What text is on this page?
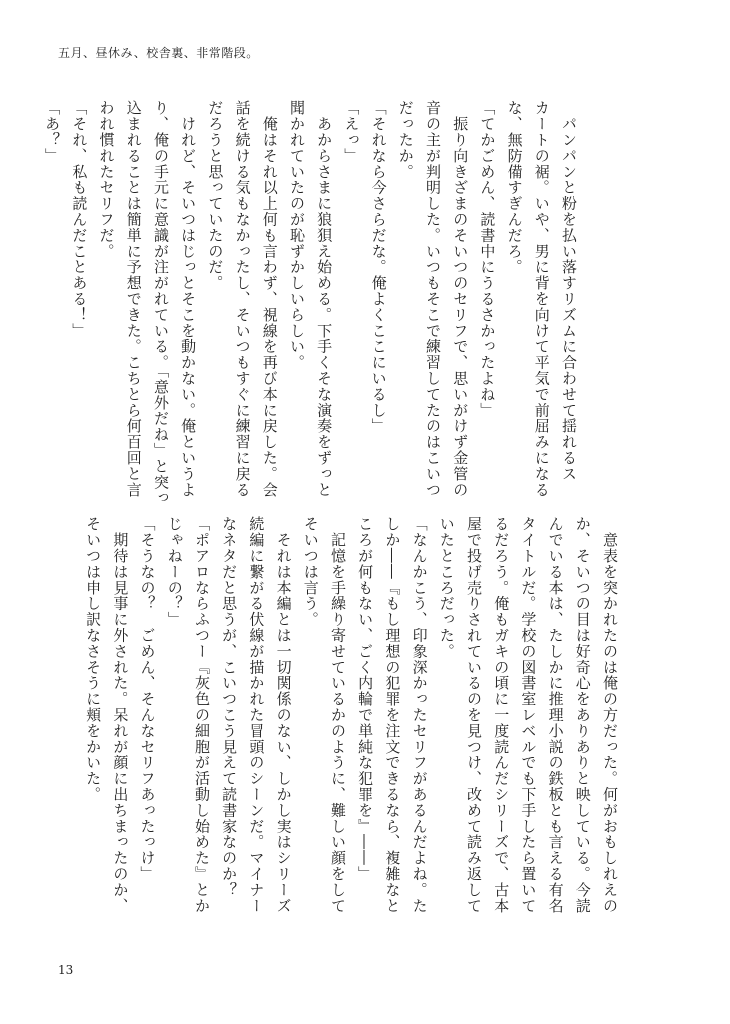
五月、昼休み、校舎裏、非常階段。
　パンパンと粉を払い落すリズムに合わせて揺れるス
カートの裾。いや、男に背を向けて平気で前屈みになる
な、無防備すぎんだろ。
「てかごめん、読書中にうるさかったよね」
　振り向きざまのそいつのセリフで、思いがけず金管の
音の主が判明した。いつもそこで練習してたのはこいつ
だったか。
「それなら今さらだな。俺よくここにいるし」
「えっ」
　あからさまに狼狽え始める。下手くそな演奏をずっと
聞かれていたのが恥ずかしいらしい。
　俺はそれ以上何も言わず、視線を再び本に戻した。会
話を続ける気もなかったし、そいつもすぐに練習に戻る
だろうと思っていたのだ。
　けれど、そいつはじっとそこを動かない。俺というよ
り、俺の手元に意識が注がれている。「意外だね」と突っ
込まれることは簡単に予想できた。こちとら何百回と言
われ慣れたセリフだ。
「それ、私も読んだことある！」
「あ？」
　意表を突かれたのは俺の方だった。何がおもしれえの
か、そいつの目は好奇心をありありと映している。今読
んでいる本は、たしかに推理小説の鉄板とも言える有名
タイトルだ。学校の図書室レベルでも下手したら置いて
るだろう。俺もガキの頃に一度読んだシリーズで、古本
屋で投げ売りされているのを見つけ、改めて読み返して
いたところだった。
「なんかこう、印象深かったセリフがあるんだよね。た
しか――『もし理想の犯罪を注文できるなら、複雑なと
ころが何もない、ごく内輪で単純な犯罪を』――」
　記憶を手繰り寄せているかのように、難しい顔をして
そいつは言う。
　それは本編とは一切関係のない、しかし実はシリーズ
続編に繋がる伏線が描かれた冒頭のシーンだ。マイナー
なネタだと思うが、こいつこう見えて読書家なのか？
「ポアロならふつー『灰色の細胞が活動し始めた』とか
じゃねーの？」
「そうなの？　ごめん、そんなセリフあったっけ」
　期待は見事に外された。呆れが顔に出ちまったのか、
そいつは申し訳なさそうに頬をかいた。
13
